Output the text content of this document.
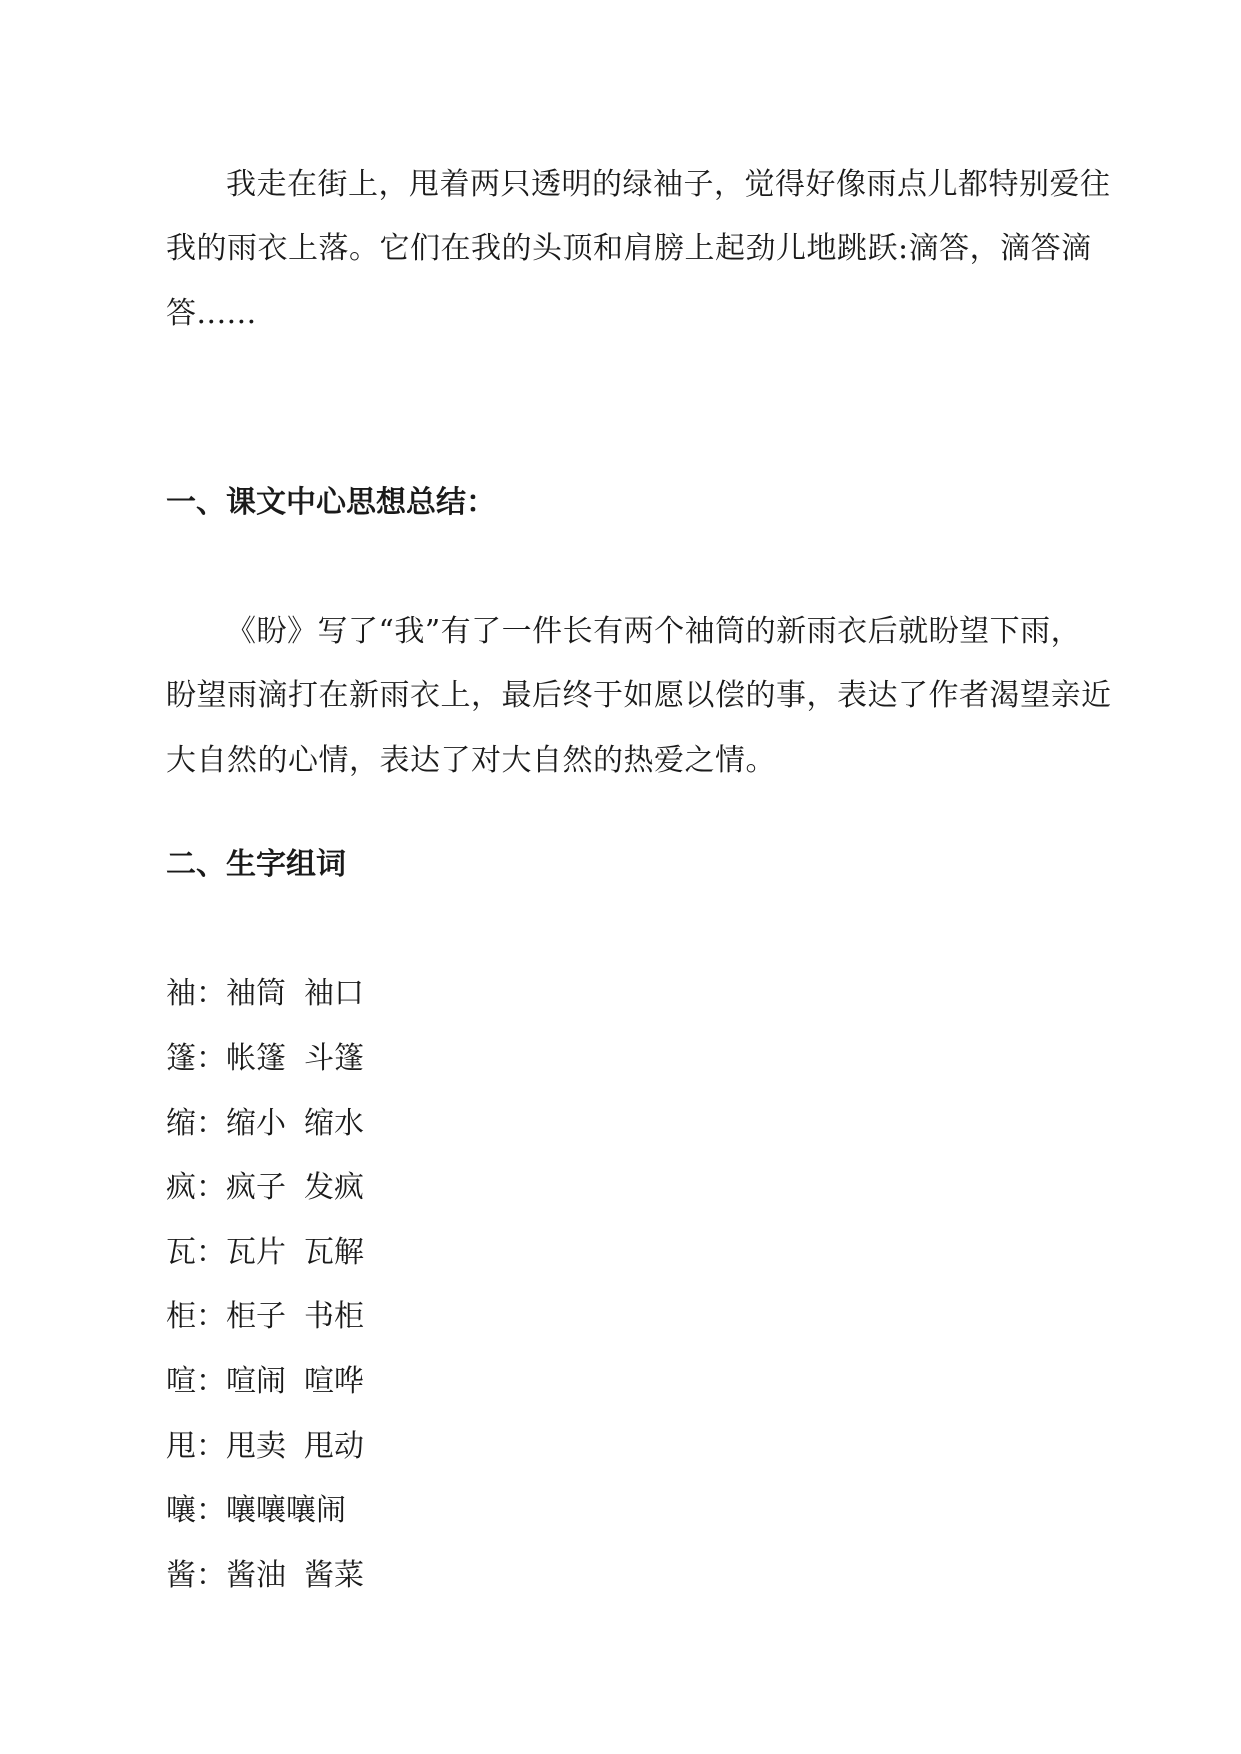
我走在街上，甩着两只透明的绿袖子，觉得好像雨点儿都特别爱往
我的雨衣上落。它们在我的头顶和肩膀上起劲儿地跳跃:滴答，滴答滴
答......
一、课文中心思想总结：
《盼》写了“我”有了一件长有两个袖筒的新雨衣后就盼望下雨，
盼望雨滴打在新雨衣上，最后终于如愿以偿的事，表达了作者渴望亲近
大自然的心情，表达了对大自然的热爱之情。
二、生字组词
袖：袖筒 袖口
篷：帐篷 斗篷
缩：缩小 缩水
疯：疯子 发疯
瓦：瓦片 瓦解
柜：柜子 书柜
喧：喧闹 喧哗
甩：甩卖 甩动
嚷：嚷嚷嚷闹
酱：酱油 酱菜
